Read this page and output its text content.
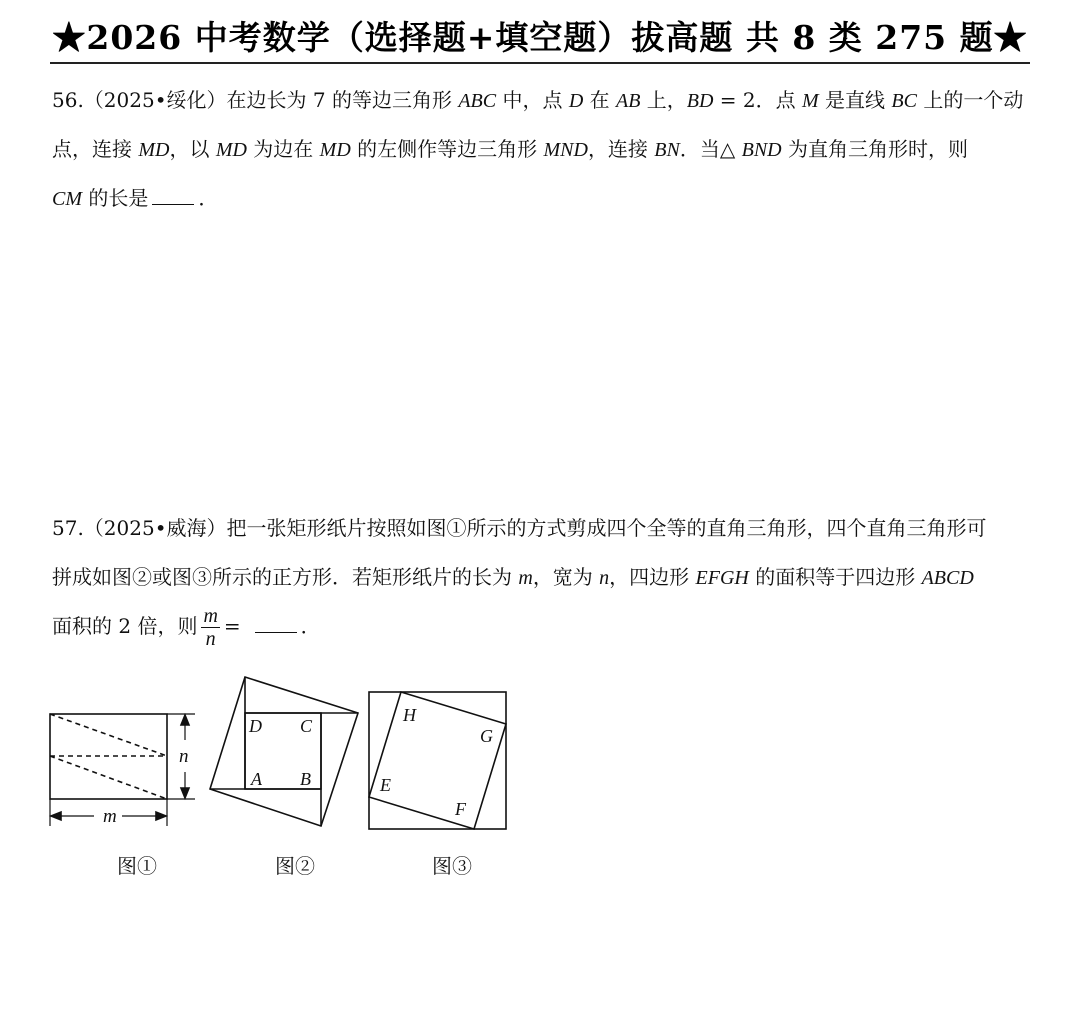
★2026 中考数学（选择题+填空题）拔高题 共 8 类 275 题★
56.（2025•绥化）在边长为 7 的等边三角形 ABC 中，点 D 在 AB 上，BD = 2．点 M 是直线 BC 上的一个动
点，连接 MD，以 MD 为边在 MD 的左侧作等边三角形 MND，连接 BN．当△ BND 为直角三角形时，则
CM 的长是	．
57.（2025•威海）把一张矩形纸片按照如图①所示的方式剪成四个全等的直角三角形，四个直角三角形可
拼成如图②或图③所示的正方形．若矩形纸片的长为 m，宽为 n，四边形 EFGH 的面积等于四边形 ABCD
面积的 2 倍，则 $\frac{m}{n}$ =	．
n
m
D C
A B
H
G
E
F
图①	图②	图③
